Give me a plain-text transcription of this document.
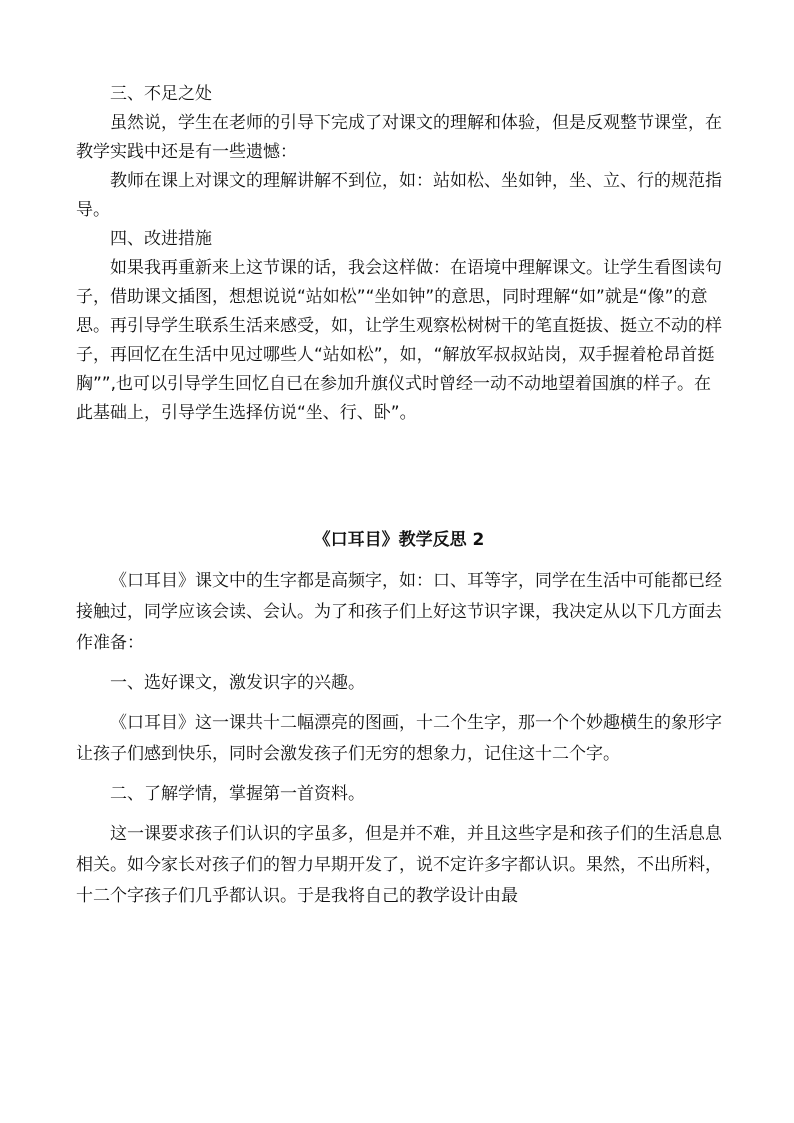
三、不足之处
虽然说，学生在老师的引导下完成了对课文的理解和体验，但是反观整节课堂，在教学实践中还是有一些遗憾：
教师在课上对课文的理解讲解不到位，如：站如松、坐如钟，坐、立、行的规范指导。
四、改进措施
如果我再重新来上这节课的话，我会这样做：在语境中理解课文。让学生看图读句子，借助课文插图，想想说说“站如松”“坐如钟”的意思，同时理解“如”就是“像”的意思。再引导学生联系生活来感受，如，让学生观察松树树干的笔直挺拔、挺立不动的样子，再回忆在生活中见过哪些人“站如松”，如，“解放军叔叔站岗，双手握着枪昂首挺胸””,也可以引导学生回忆自已在参加升旗仪式时曾经一动不动地望着国旗的样子。在此基础上，引导学生选择仿说“坐、行、卧”。
《口耳目》教学反思 2

《口耳目》课文中的生字都是高频字，如：口、耳等字，同学在生活中可能都已经接触过，同学应该会读、会认。为了和孩子们上好这节识字课，我决定从以下几方面去作准备：

一、选好课文，激发识字的兴趣。

《口耳目》这一课共十二幅漂亮的图画，十二个生字，那一个个妙趣横生的象形字让孩子们感到快乐，同时会激发孩子们无穷的想象力，记住这十二个字。

二、了解学情，掌握第一首资料。

这一课要求孩子们认识的字虽多，但是并不难，并且这些字是和孩子们的生活息息相关。如今家长对孩子们的智力早期开发了，说不定许多字都认识。果然，不出所料，十二个字孩子们几乎都认识。于是我将自己的教学设计由最
